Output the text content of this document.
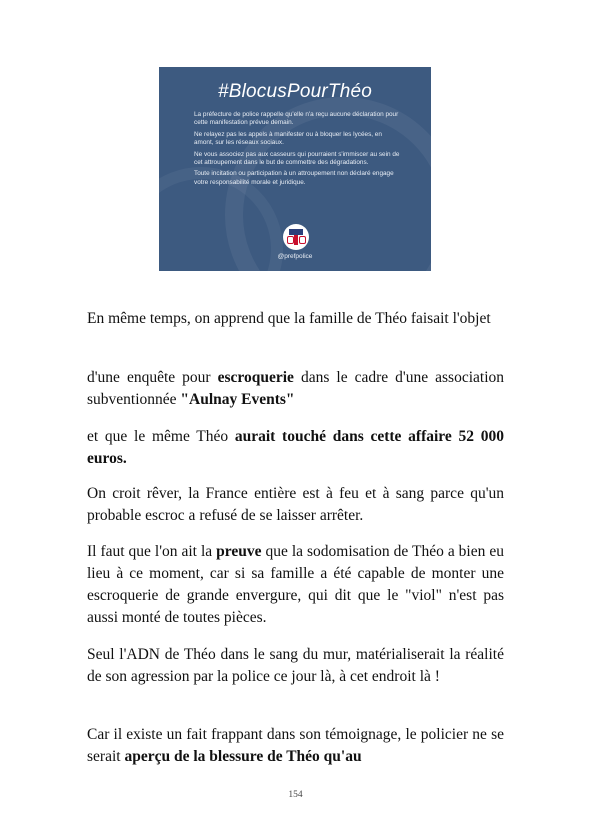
#BlocusPourThéo

La préfecture de police rappelle qu'elle n'a reçu aucune déclaration pour cette manifestation prévue demain.

Ne relayez pas les appels à manifester ou à bloquer les lycées, en amont, sur les réseaux sociaux.

Ne vous associez pas aux casseurs qui pourraient s'immiscer au sein de cet attroupement dans le but de commettre des dégradations.

Toute incitation ou participation à un attroupement non déclaré engage votre responsabilité morale et juridique.

@prefpolice
En même temps, on apprend que la famille de Théo faisait l'objet
d'une enquête pour escroquerie dans le cadre d'une association subventionnée "Aulnay Events"
et que le même Théo aurait touché dans cette affaire 52 000 euros.
On croit rêver, la France entière est à feu et à sang parce qu'un probable escroc a refusé de se laisser arrêter.
Il faut que l'on ait la preuve que la sodomisation de Théo a bien eu lieu à ce moment, car si sa famille a été capable de monter une escroquerie de grande envergure, qui dit que le "viol" n'est pas aussi monté de toutes pièces.
Seul l'ADN de Théo dans le sang du mur, matérialiserait la réalité de son agression par la police ce jour là, à cet endroit là !
Car il existe un fait frappant dans son témoignage, le policier ne se serait aperçu de la blessure de Théo qu'au
154
